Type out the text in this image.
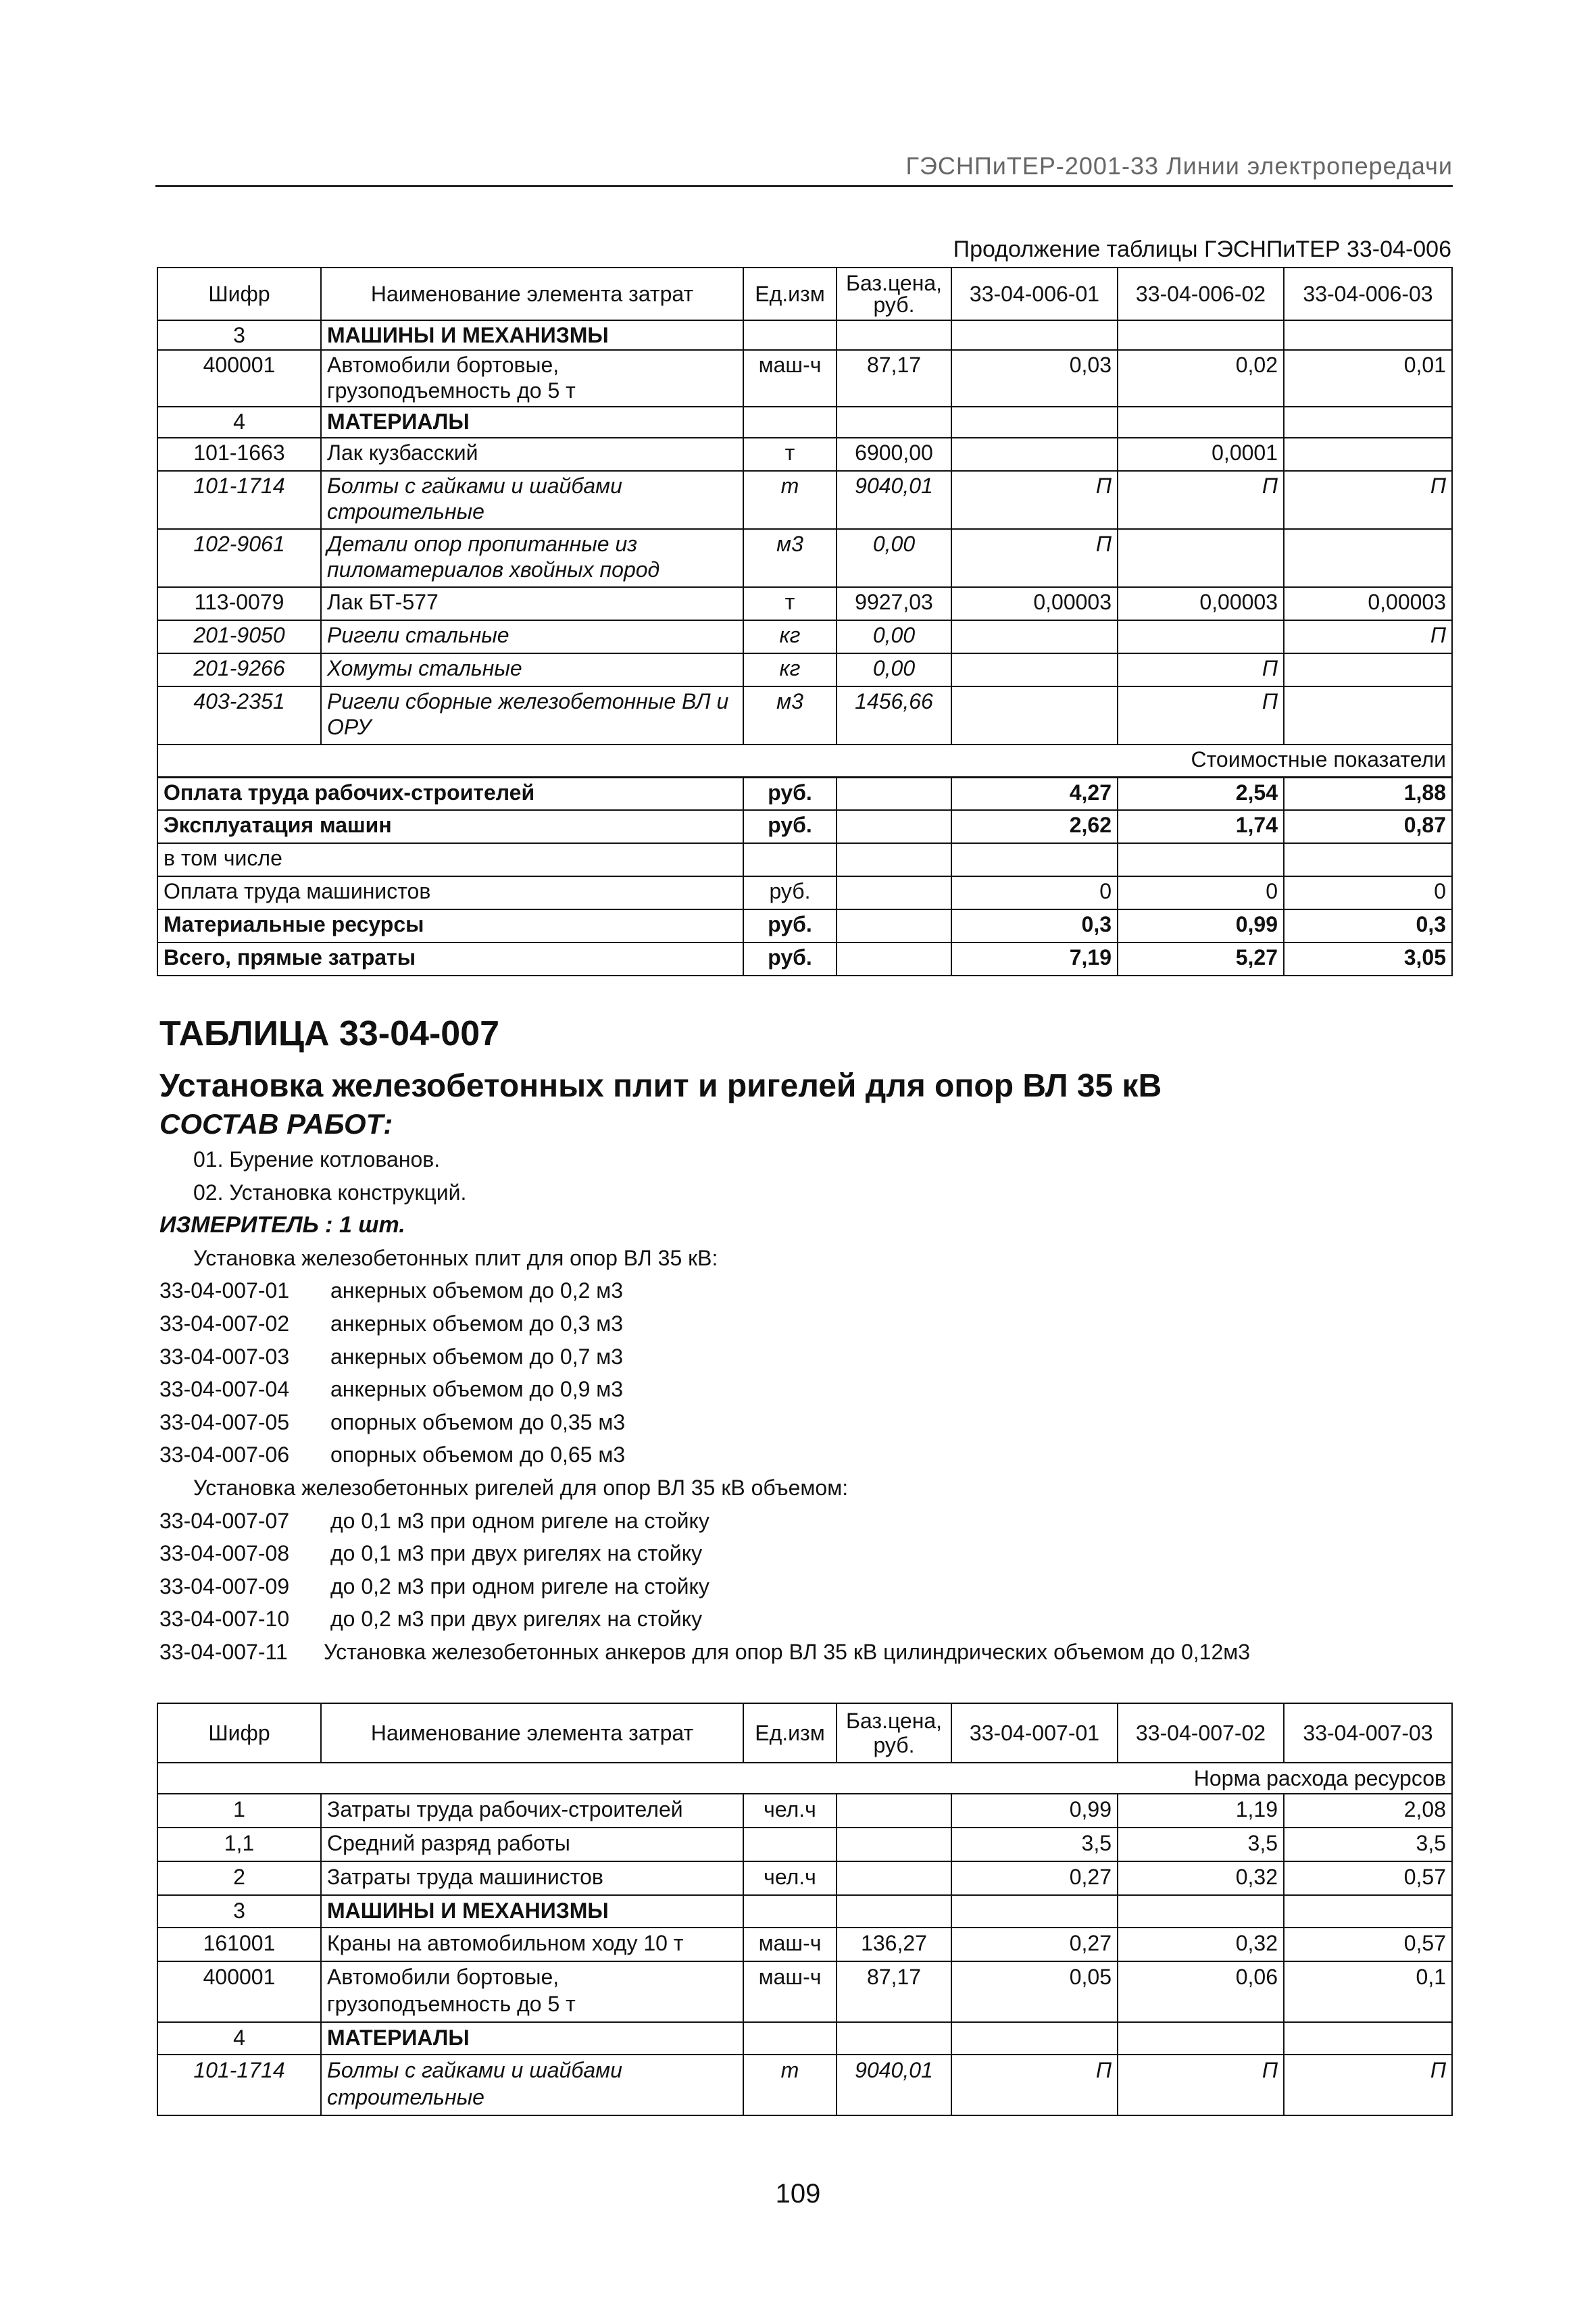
ГЭСНПиТЕР-2001-33 Линии электропередачи
Продолжение таблицы ГЭСНПиТЕР 33-04-006
Шифр	Наименование элемента затрат	Ед.изм	Баз.цена, руб.	33-04-006-01	33-04-006-02	33-04-006-03
3	МАШИНЫ И МЕХАНИЗМЫ					
400001	Автомобили бортовые, грузоподъемность до 5 т	маш-ч	87,17	0,03	0,02	0,01
4	МАТЕРИАЛЫ					
101-1663	Лак кузбасский	т	6900,00		0,0001	
101-1714	Болты с гайками и шайбами строительные	т	9040,01	П	П	П
102-9061	Детали опор пропитанные из пиломатериалов хвойных пород	м3	0,00	П		
113-0079	Лак БТ-577	т	9927,03	0,00003	0,00003	0,00003
201-9050	Ригели стальные	кг	0,00			П
201-9266	Хомуты стальные	кг	0,00		П	
403-2351	Ригели сборные железобетонные ВЛ и ОРУ	м3	1456,66		П	
Стоимостные показатели						
Оплата труда рабочих-строителей		руб.		4,27	2,54	1,88
Эксплуатация машин		руб.		2,62	1,74	0,87
в том числе						
Оплата труда машинистов		руб.		0	0	0
Материальные ресурсы		руб.		0,3	0,99	0,3
Всего, прямые затраты		руб.		7,19	5,27	3,05
ТАБЛИЦА 33-04-007
Установка железобетонных плит и ригелей для опор ВЛ 35 кВ
СОСТАВ РАБОТ:
01. Бурение котлованов.
02. Установка конструкций.
ИЗМЕРИТЕЛЬ : 1 шт.
Установка железобетонных плит для опор ВЛ 35 кВ:
33-04-007-01 анкерных объемом до 0,2 м3
33-04-007-02 анкерных объемом до 0,3 м3
33-04-007-03 анкерных объемом до 0,7 м3
33-04-007-04 анкерных объемом до 0,9 м3
33-04-007-05 опорных объемом до 0,35 м3
33-04-007-06 опорных объемом до 0,65 м3
Установка железобетонных ригелей для опор ВЛ 35 кВ объемом:
33-04-007-07 до 0,1 м3 при одном ригеле на стойку
33-04-007-08 до 0,1 м3 при двух ригелях на стойку
33-04-007-09 до 0,2 м3 при одном ригеле на стойку
33-04-007-10 до 0,2 м3 при двух ригелях на стойку
33-04-007-11 Установка железобетонных анкеров для опор ВЛ 35 кВ цилиндрических объемом до 0,12м3
Шифр	Наименование элемента затрат	Ед.изм	Баз.цена, руб.	33-04-007-01	33-04-007-02	33-04-007-03
Норма расхода ресурсов						
1	Затраты труда рабочих-строителей	чел.ч		0,99	1,19	2,08
1,1	Средний разряд работы			3,5	3,5	3,5
2	Затраты труда машинистов	чел.ч		0,27	0,32	0,57
3	МАШИНЫ И МЕХАНИЗМЫ					
161001	Краны на автомобильном ходу 10 т	маш-ч	136,27	0,27	0,32	0,57
400001	Автомобили бортовые, грузоподъемность до 5 т	маш-ч	87,17	0,05	0,06	0,1
4	МАТЕРИАЛЫ					
101-1714	Болты с гайками и шайбами строительные	т	9040,01	П	П	П
109
